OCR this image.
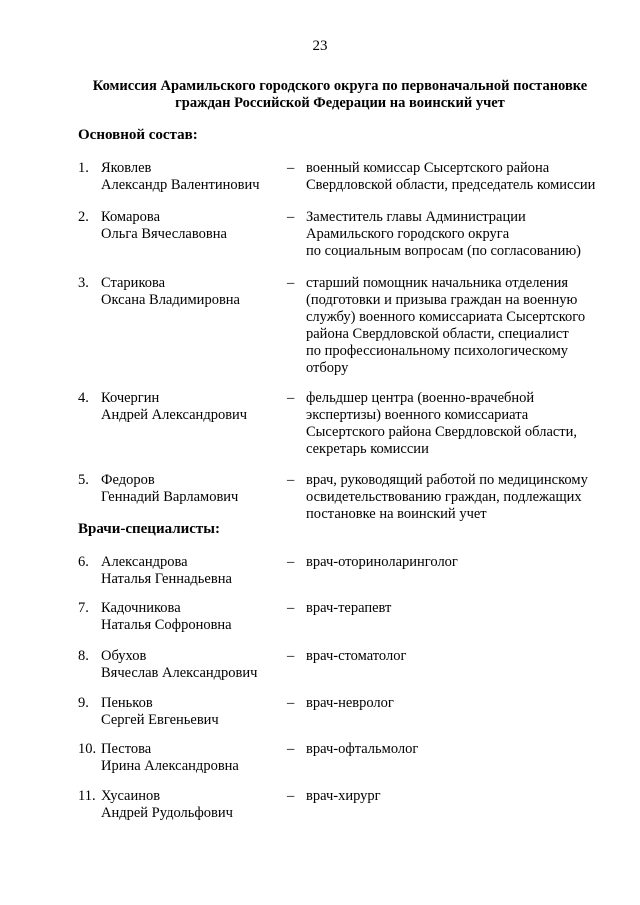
23
Комиссия Арамильского городского округа по первоначальной постановке
граждан Российской Федерации на воинский учет
Основной состав:
1. Яковлев
Александр Валентинович
– военный комиссар Сысертского района
Свердловской области, председатель комиссии
2. Комарова
Ольга Вячеславовна
– Заместитель главы Администрации
Арамильского городского округа
по социальным вопросам (по согласованию)
3. Старикова
Оксана Владимировна
– старший помощник начальника отделения
(подготовки и призыва граждан на военную
службу) военного комиссариата Сысертского
района Свердловской области, специалист
по профессиональному психологическому
отбору
4. Кочергин
Андрей Александрович
– фельдшер центра (военно-врачебной
экспертизы) военного комиссариата
Сысертского района Свердловской области,
секретарь комиссии
5. Федоров
Геннадий Варламович
– врач, руководящий работой по медицинскому
освидетельствованию граждан, подлежащих
постановке на воинский учет
Врачи-специалисты:
6. Александрова
Наталья Геннадьевна
– врач-оториноларинголог
7. Кадочникова
Наталья Софроновна
– врач-терапевт
8. Обухов
Вячеслав Александрович
– врач-стоматолог
9. Пеньков
Сергей Евгеньевич
– врач-невролог
10. Пестова
Ирина Александровна
– врач-офтальмолог
11. Хусаинов
Андрей Рудольфович
– врач-хирург
